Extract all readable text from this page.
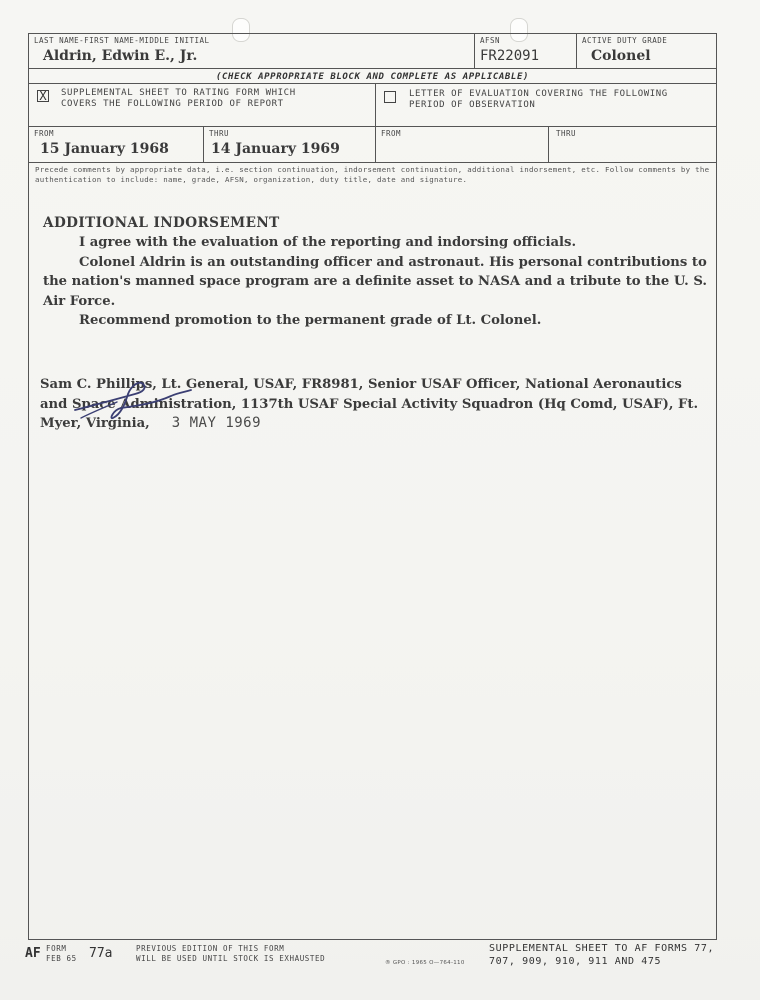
LAST NAME-FIRST NAME-MIDDLE INITIAL
Aldrin, Edwin E., Jr.
AFSN
FR22091
ACTIVE DUTY GRADE
Colonel
(CHECK APPROPRIATE BLOCK AND COMPLETE AS APPLICABLE)
X SUPPLEMENTAL SHEET TO RATING FORM WHICH
COVERS THE FOLLOWING PERIOD OF REPORT
LETTER OF EVALUATION COVERING THE FOLLOWING
PERIOD OF OBSERVATION
FROM
15 January 1968
THRU
14 January 1969
FROM	THRU
Precede comments by appropriate data, i.e. section continuation, indorsement continuation, additional indorsement, etc. Follow comments by the authentication to include: name, grade, AFSN, organization, duty title, date and signature.
ADDITIONAL INDORSEMENT
I agree with the evaluation of the reporting and indorsing officials.
Colonel Aldrin is an outstanding officer and astronaut. His personal contributions to the nation's manned space program are a definite asset to NASA and a tribute to the U. S. Air Force.
Recommend promotion to the permanent grade of Lt. Colonel.
Sam C. Phillips, Lt. General, USAF, FR8981, Senior USAF Officer, National Aeronautics and Space Administration, 1137th USAF Special Activity Squadron (Hq Comd, USAF), Ft. Myer, Virginia, 3 MAY 1969
AF FORM
FEB 65 77a	PREVIOUS EDITION OF THIS FORM
WILL BE USED UNTIL STOCK IS EXHAUSTED	® GPO : 1965 O—764-110
SUPPLEMENTAL SHEET TO AF FORMS 77,
707, 909, 910, 911 AND 475
